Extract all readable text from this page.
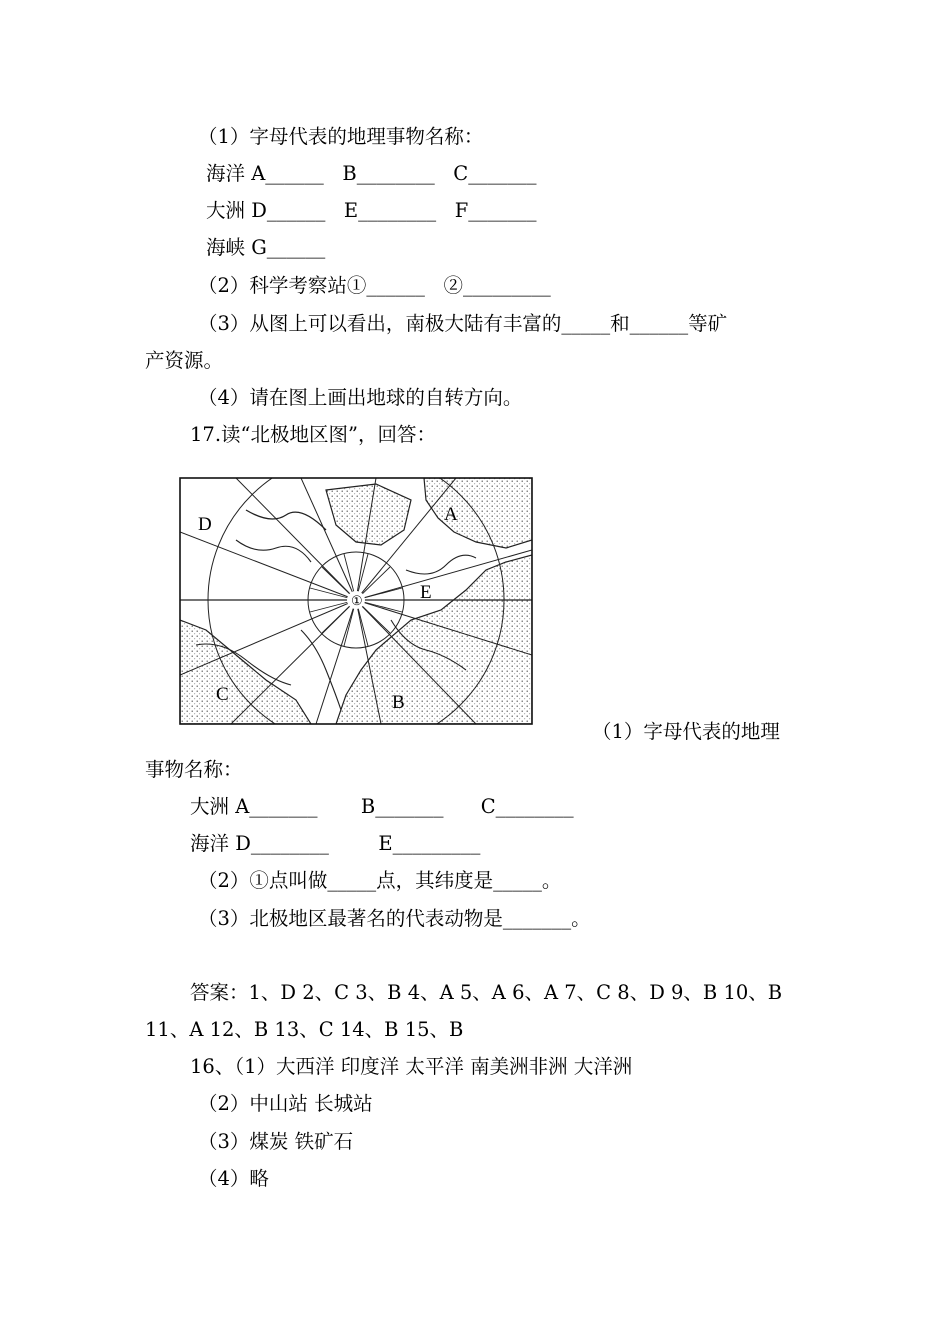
（1）字母代表的地理事物名称：
海洋 A______   B________   C_______
大洲 D______   E________   F_______
海峡 G______
（2）科学考察站①______   ②_________
（3）从图上可以看出，南极大陆有丰富的_____和______等矿
产资源。
（4）请在图上画出地球的自转方向。
17.读“北极地区图”，回答：
①
A
B
C
D
E
（1）字母代表的地理
事物名称：
大洲 A_______       B_______      C________
海洋 D________        E_________
（2）①点叫做_____点，其纬度是_____。
（3）北极地区最著名的代表动物是_______。
答案：1、D 2、C 3、B 4、A 5、A 6、A 7、C 8、D 9、B 10、B
11、A 12、B 13、C 14、B 15、B
16、（1）大西洋 印度洋 太平洋 南美洲非洲 大洋洲
（2）中山站 长城站
（3）煤炭 铁矿石
（4）略
